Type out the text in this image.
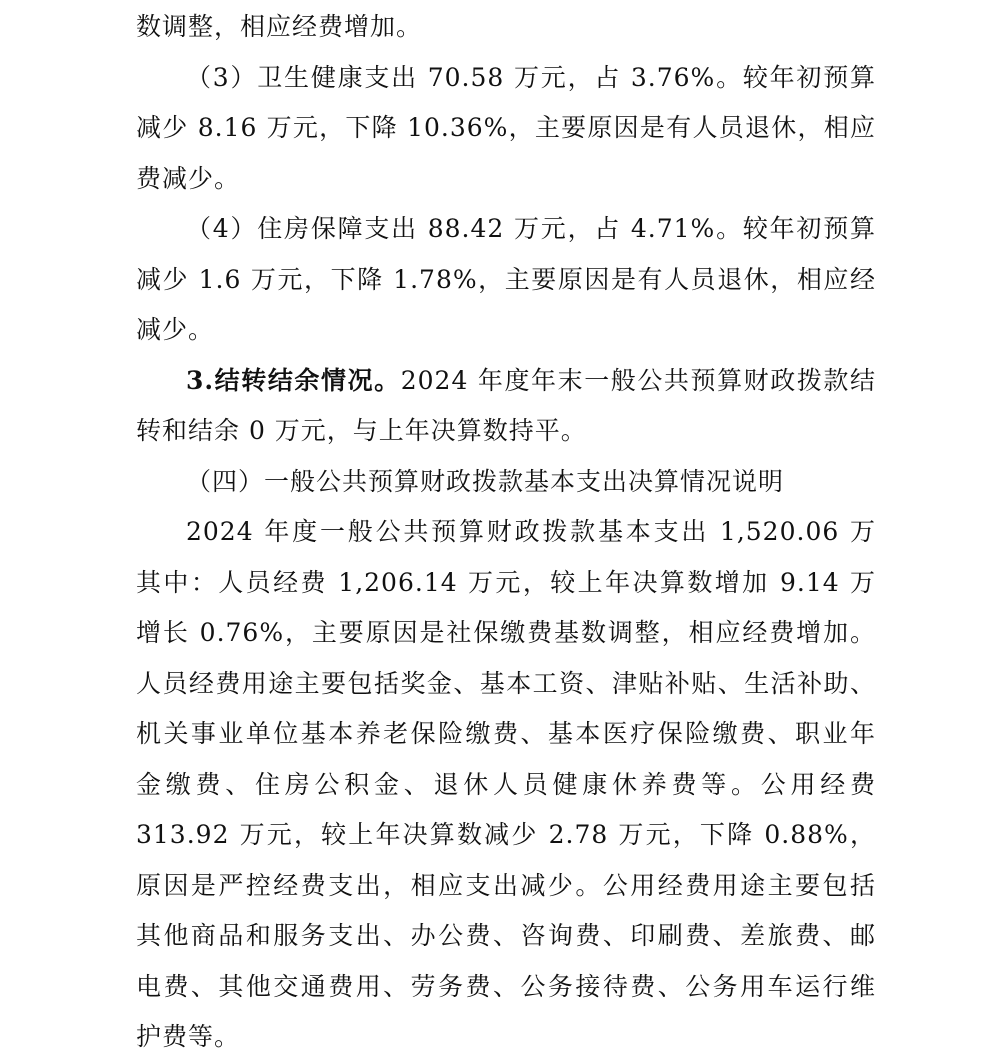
数调整，相应经费增加。
（3）卫生健康支出 70.58 万元，占 3.76%。较年初预算
减少 8.16 万元，下降 10.36%，主要原因是有人员退休，相应
费减少。
（4）住房保障支出 88.42 万元，占 4.71%。较年初预算
减少 1.6 万元，下降 1.78%，主要原因是有人员退休，相应经
减少。
3.结转结余情况。2024 年度年末一般公共预算财政拨款结
转和结余 0 万元，与上年决算数持平。
（四）一般公共预算财政拨款基本支出决算情况说明
2024 年度一般公共预算财政拨款基本支出 1,520.06 万
其中：人员经费 1,206.14 万元，较上年决算数增加 9.14 万
增长 0.76%，主要原因是社保缴费基数调整，相应经费增加。
人员经费用途主要包括奖金、基本工资、津贴补贴、生活补助、
机关事业单位基本养老保险缴费、基本医疗保险缴费、职业年
金缴费、住房公积金、退休人员健康休养费等。公用经费
313.92 万元，较上年决算数减少 2.78 万元，下降 0.88%，
原因是严控经费支出，相应支出减少。公用经费用途主要包括
其他商品和服务支出、办公费、咨询费、印刷费、差旅费、邮
电费、其他交通费用、劳务费、公务接待费、公务用车运行维
护费等。
